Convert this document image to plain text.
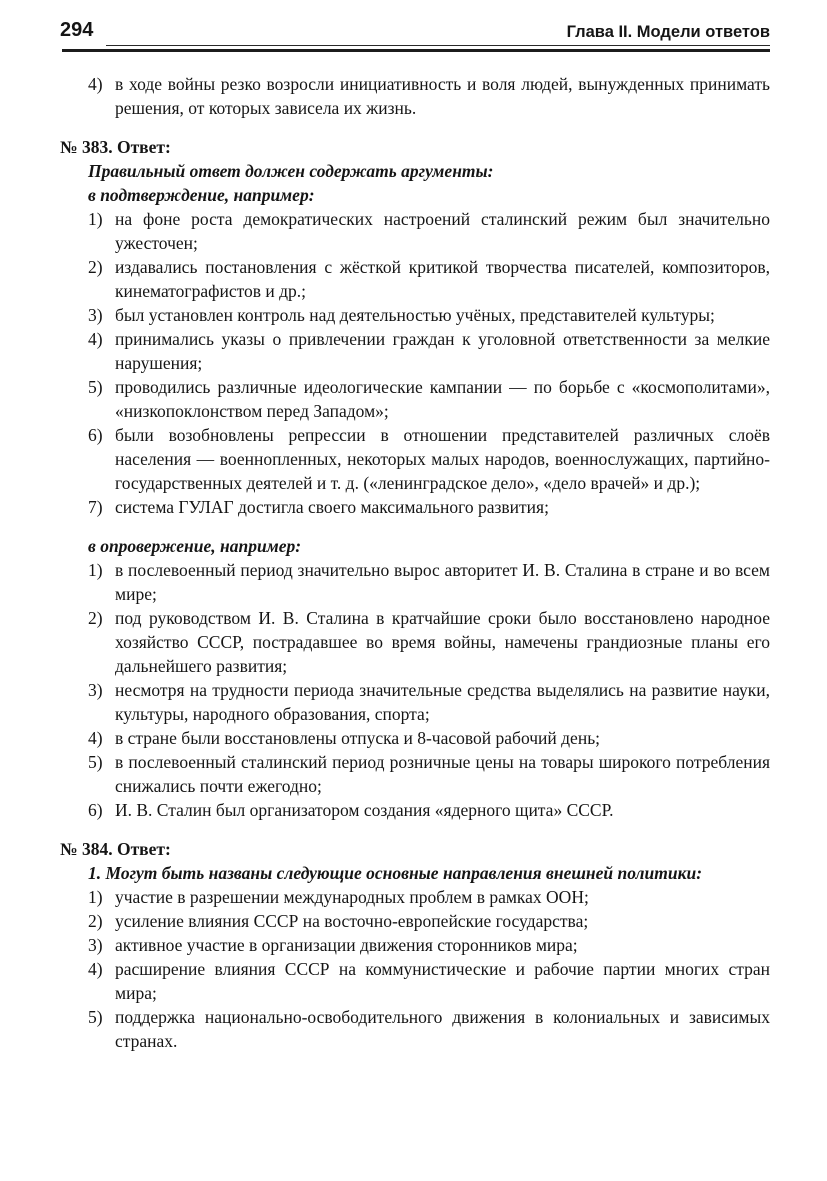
294	Глава II. Модели ответов
4) в ходе войны резко возросли инициативность и воля людей, вынужденных принимать решения, от которых зависела их жизнь.
№ 383. Ответ:
Правильный ответ должен содержать аргументы:
в подтверждение, например:
1) на фоне роста демократических настроений сталинский режим был значительно ужесточен;
2) издавались постановления с жёсткой критикой творчества писателей, композиторов, кинематографистов и др.;
3) был установлен контроль над деятельностью учёных, представителей культуры;
4) принимались указы о привлечении граждан к уголовной ответственности за мелкие нарушения;
5) проводились различные идеологические кампании — по борьбе с «космополитами», «низкопоклонством перед Западом»;
6) были возобновлены репрессии в отношении представителей различных слоёв населения — военнопленных, некоторых малых народов, военнослужащих, партийно-государственных деятелей и т. д. («ленинградское дело», «дело врачей» и др.);
7) система ГУЛАГ достигла своего максимального развития;
в опровержение, например:
1) в послевоенный период значительно вырос авторитет И. В. Сталина в стране и во всем мире;
2) под руководством И. В. Сталина в кратчайшие сроки было восстановлено народное хозяйство СССР, пострадавшее во время войны, намечены грандиозные планы его дальнейшего развития;
3) несмотря на трудности периода значительные средства выделялись на развитие науки, культуры, народного образования, спорта;
4) в стране были восстановлены отпуска и 8-часовой рабочий день;
5) в послевоенный сталинский период розничные цены на товары широкого потребления снижались почти ежегодно;
6) И. В. Сталин был организатором создания «ядерного щита» СССР.
№ 384. Ответ:
1. Могут быть названы следующие основные направления внешней политики:
1) участие в разрешении международных проблем в рамках ООН;
2) усиление влияния СССР на восточно-европейские государства;
3) активное участие в организации движения сторонников мира;
4) расширение влияния СССР на коммунистические и рабочие партии многих стран мира;
5) поддержка национально-освободительного движения в колониальных и зависимых странах.
